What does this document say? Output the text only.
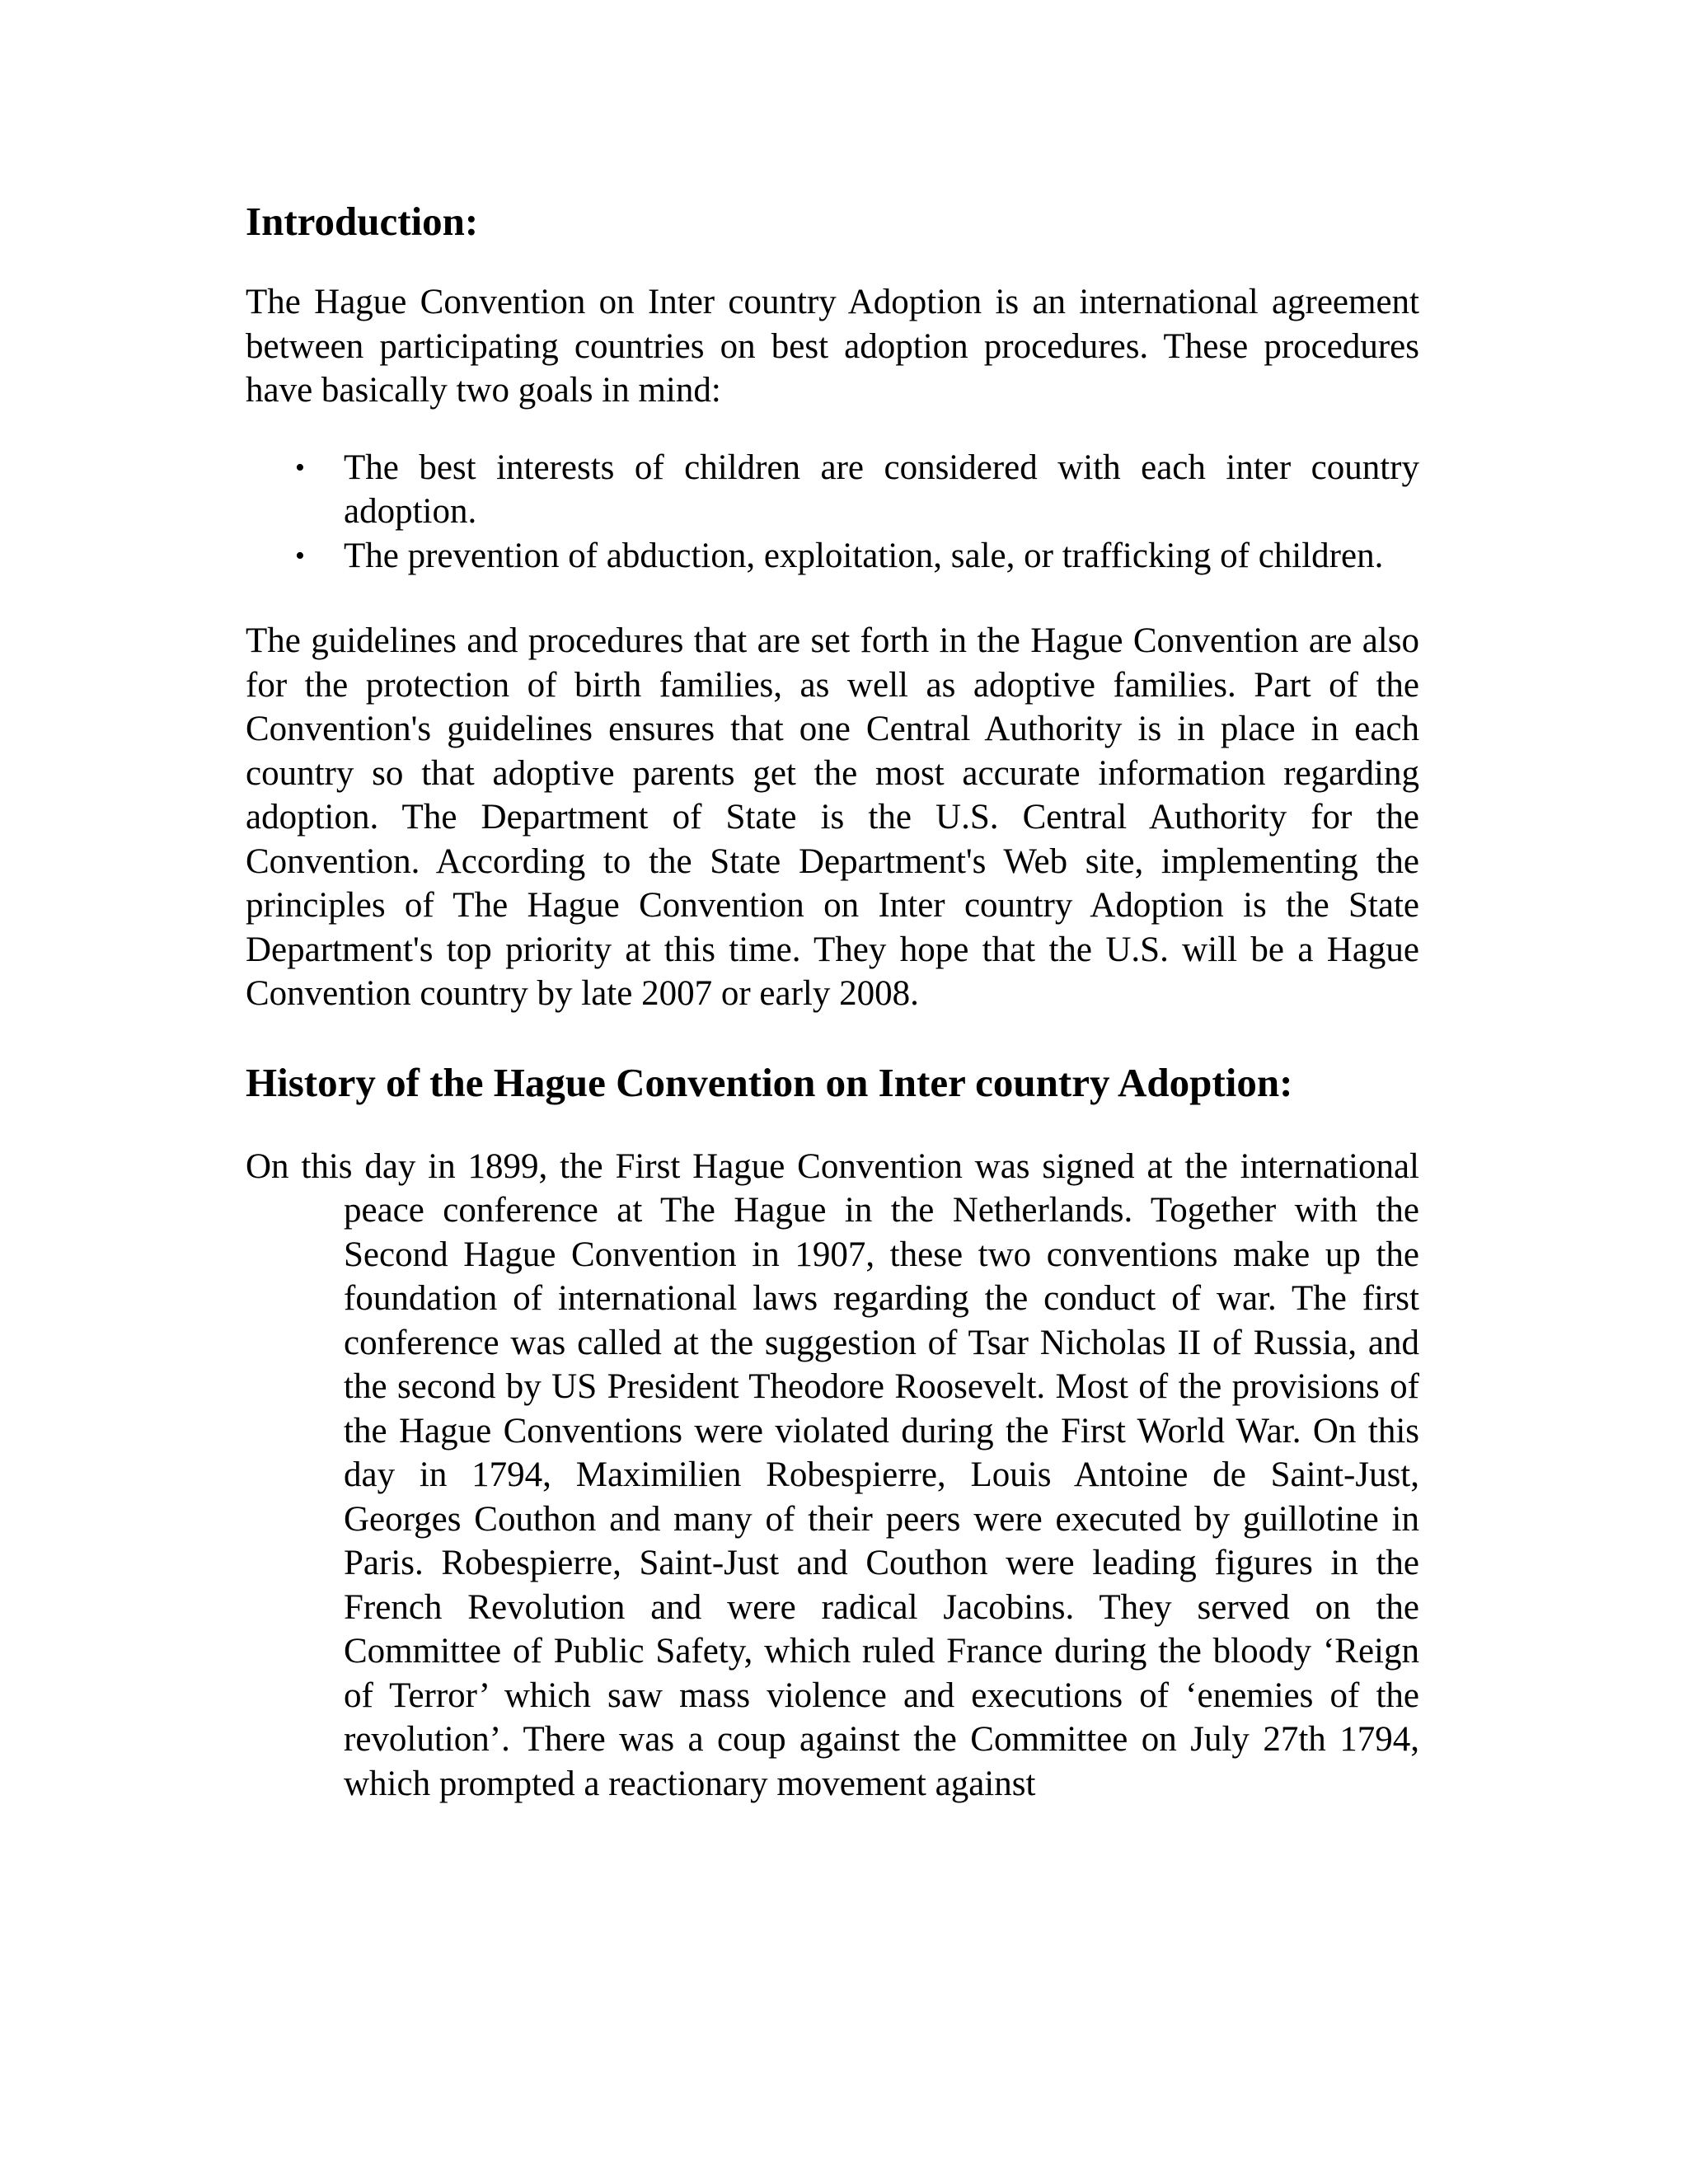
Introduction:

The Hague Convention on Inter country Adoption is an international agreement between participating countries on best adoption procedures. These procedures have basically two goals in mind:

• The best interests of children are considered with each inter country adoption.
• The prevention of abduction, exploitation, sale, or trafficking of children.

The guidelines and procedures that are set forth in the Hague Convention are also for the protection of birth families, as well as adoptive families. Part of the Convention's guidelines ensures that one Central Authority is in place in each country so that adoptive parents get the most accurate information regarding adoption. The Department of State is the U.S. Central Authority for the Convention. According to the State Department's Web site, implementing the principles of The Hague Convention on Inter country Adoption is the State Department's top priority at this time. They hope that the U.S. will be a Hague Convention country by late 2007 or early 2008.

History of the Hague Convention on Inter country Adoption:

On this day in 1899, the First Hague Convention was signed at the international peace conference at The Hague in the Netherlands. Together with the Second Hague Convention in 1907, these two conventions make up the foundation of international laws regarding the conduct of war. The first conference was called at the suggestion of Tsar Nicholas II of Russia, and the second by US President Theodore Roosevelt. Most of the provisions of the Hague Conventions were violated during the First World War. On this day in 1794, Maximilien Robespierre, Louis Antoine de Saint-Just, Georges Couthon and many of their peers were executed by guillotine in Paris. Robespierre, Saint-Just and Couthon were leading figures in the French Revolution and were radical Jacobins. They served on the Committee of Public Safety, which ruled France during the bloody ‘Reign of Terror’ which saw mass violence and executions of ‘enemies of the revolution’. There was a coup against the Committee on July 27th 1794, which prompted a reactionary movement against
